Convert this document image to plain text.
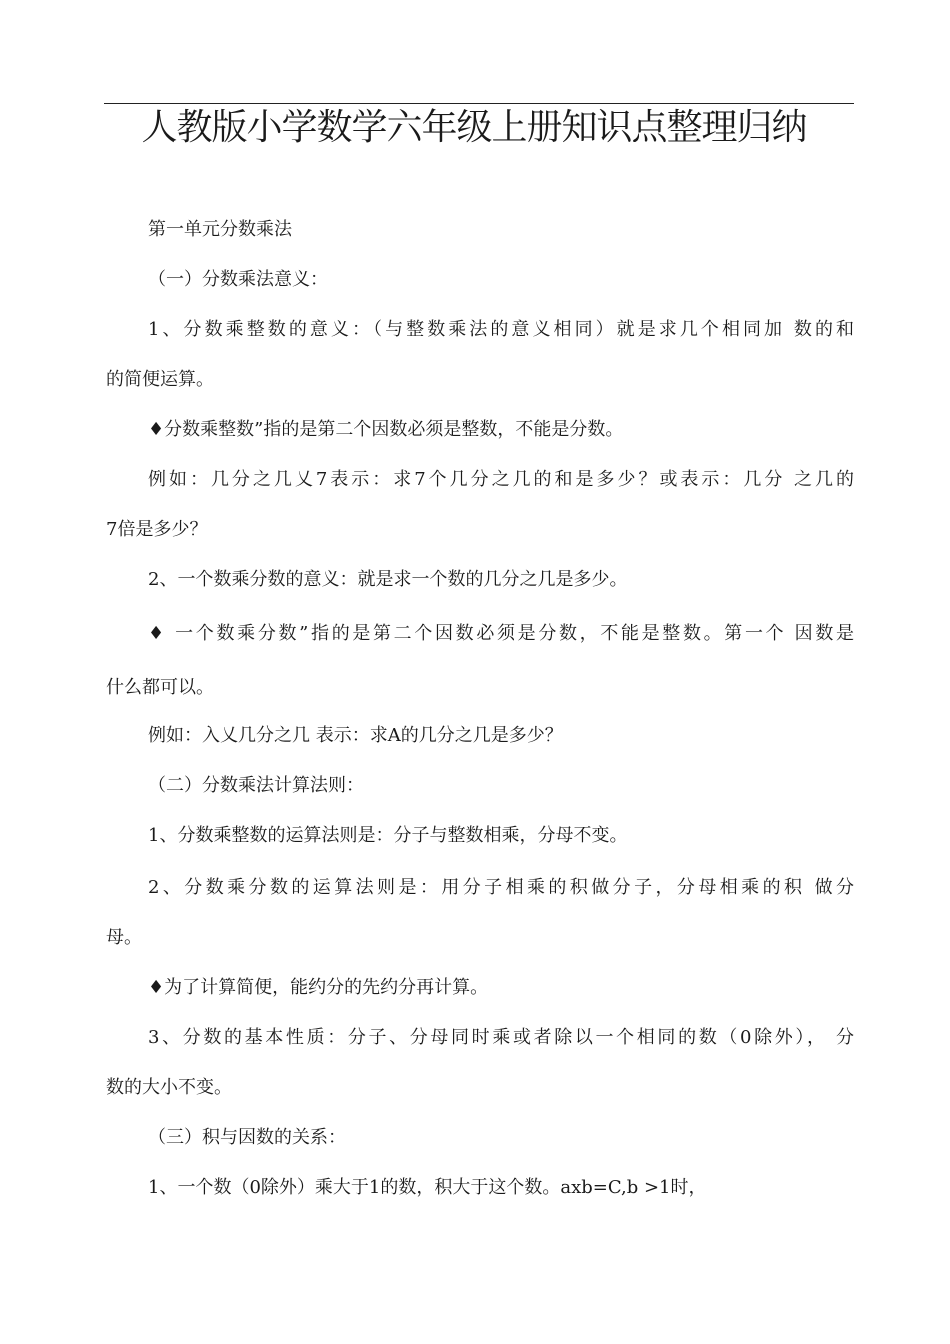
人教版小学数学六年级上册知识点整理归纳
第一单元分数乘法
（一）分数乘法意义：
1、分数乘整数的意义：（与整数乘法的意义相同）就是求几个相同加 数的和
的简便运算。
♦分数乘整数”指的是第二个因数必须是整数，不能是分数。
例如：几分之几乂7表示：求7个几分之几的和是多少？或表示：几分 之几的
7倍是多少？
2、一个数乘分数的意义：就是求一个数的几分之几是多少。
♦ 一个数乘分数”指的是第二个因数必须是分数，不能是整数。第一个 因数是
什么都可以。
例如：入乂几分之几 表示：求A的几分之几是多少？
（二）分数乘法计算法则：
1、分数乘整数的运算法则是：分子与整数相乘，分母不变。
2、分数乘分数的运算法则是：用分子相乘的积做分子，分母相乘的积 做分
母。
♦为了计算简便，能约分的先约分再计算。
3、分数的基本性质：分子、分母同时乘或者除以一个相同的数（0除外）， 分
数的大小不变。
（三）积与因数的关系：
1、一个数（0除外）乘大于1的数，积大于这个数。axb=C,b >1时，
